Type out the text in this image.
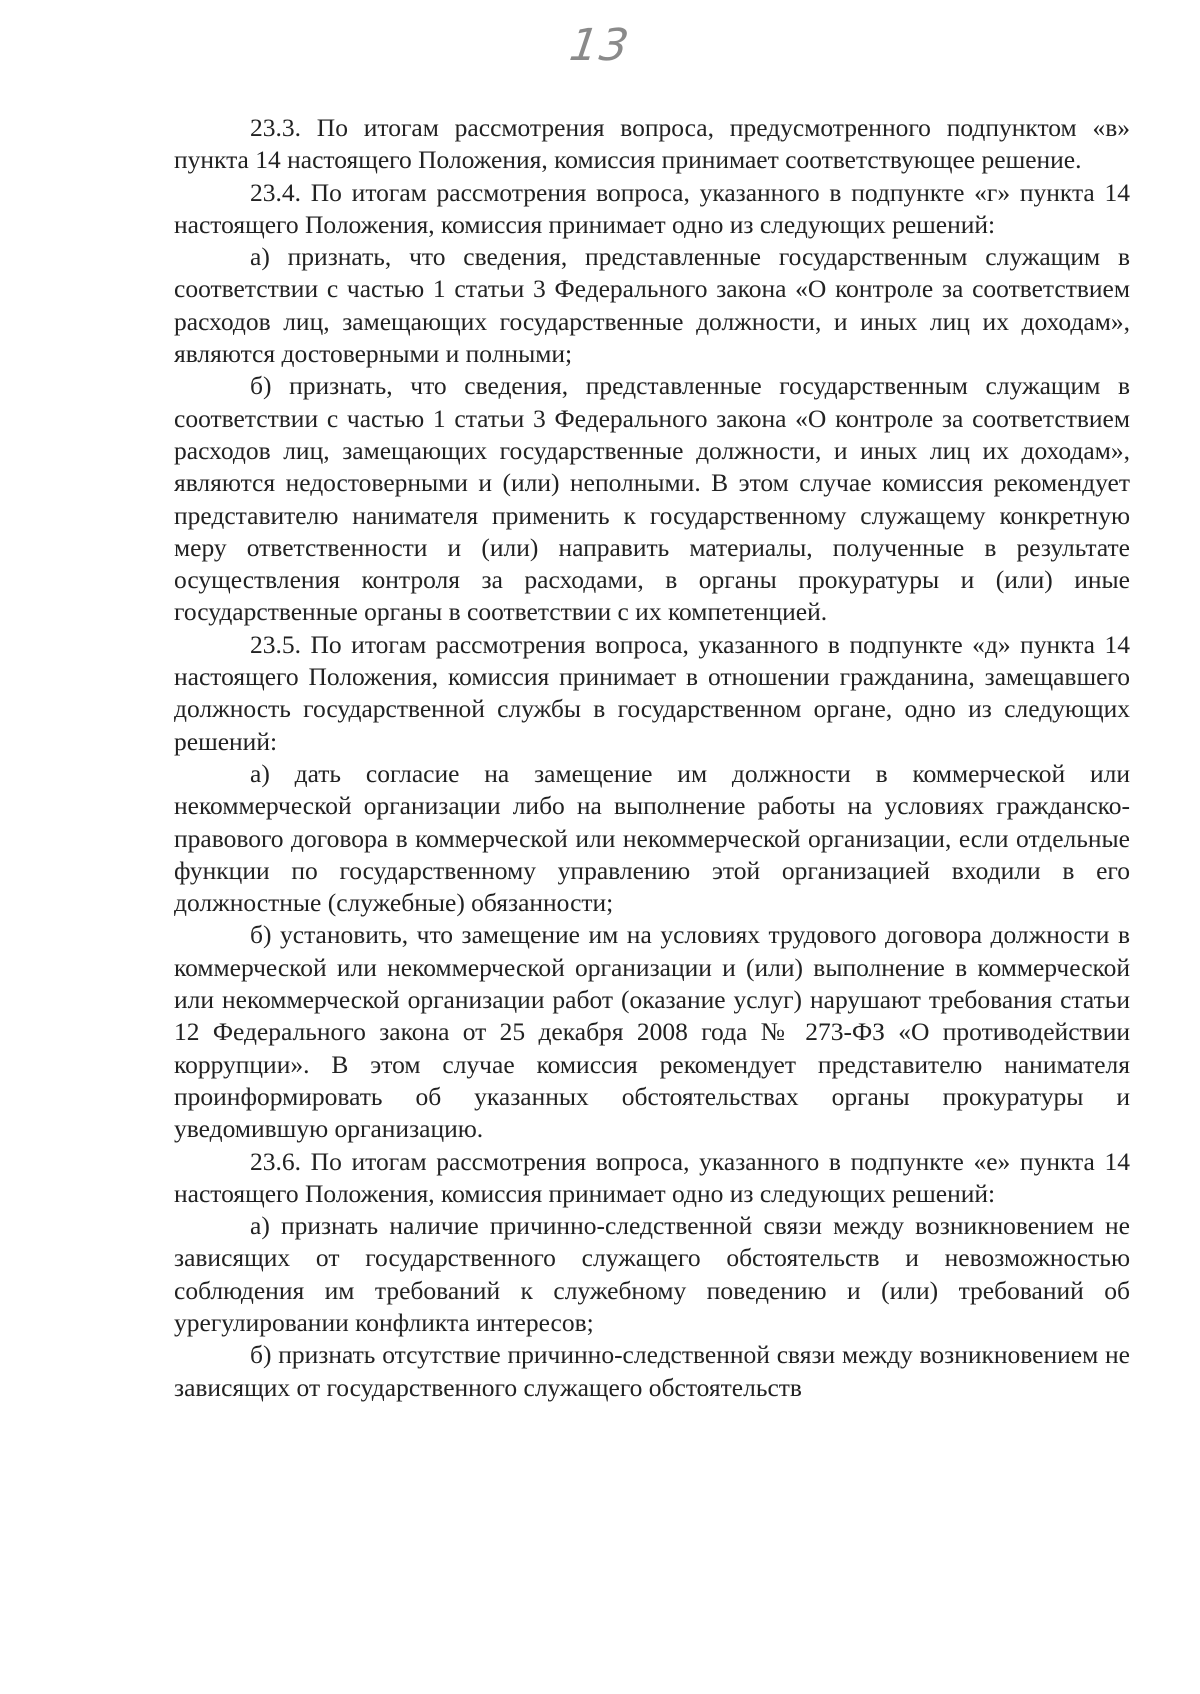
13

23.3. По итогам рассмотрения вопроса, предусмотренного подпунктом «в» пункта 14 настоящего Положения, комиссия принимает соответствующее решение.

23.4. По итогам рассмотрения вопроса, указанного в подпункте «г» пункта 14 настоящего Положения, комиссия принимает одно из следующих решений:

а) признать, что сведения, представленные государственным служащим в соответствии с частью 1 статьи 3 Федерального закона «О контроле за соответствием расходов лиц, замещающих государственные должности, и иных лиц их доходам», являются достоверными и полными;

б) признать, что сведения, представленные государственным служащим в соответствии с частью 1 статьи 3 Федерального закона «О контроле за соответствием расходов лиц, замещающих государственные должности, и иных лиц их доходам», являются недостоверными и (или) неполными. В этом случае комиссия рекомендует представителю нанимателя применить к государственному служащему конкретную меру ответственности и (или) направить материалы, полученные в результате осуществления контроля за расходами, в органы прокуратуры и (или) иные государственные органы в соответствии с их компетенцией.

23.5. По итогам рассмотрения вопроса, указанного в подпункте «д» пункта 14 настоящего Положения, комиссия принимает в отношении гражданина, замещавшего должность государственной службы в государственном органе, одно из следующих решений:

а) дать согласие на замещение им должности в коммерческой или некоммерческой организации либо на выполнение работы на условиях гражданско-правового договора в коммерческой или некоммерческой организации, если отдельные функции по государственному управлению этой организацией входили в его должностные (служебные) обязанности;

б) установить, что замещение им на условиях трудового договора должности в коммерческой или некоммерческой организации и (или) выполнение в коммерческой или некоммерческой организации работ (оказание услуг) нарушают требования статьи 12 Федерального закона от 25 декабря 2008 года № 273-ФЗ «О противодействии коррупции». В этом случае комиссия рекомендует представителю нанимателя проинформировать об указанных обстоятельствах органы прокуратуры и уведомившую организацию.

23.6. По итогам рассмотрения вопроса, указанного в подпункте «е» пункта 14 настоящего Положения, комиссия принимает одно из следующих решений:

а) признать наличие причинно-следственной связи между возникновением не зависящих от государственного служащего обстоятельств и невозможностью соблюдения им требований к служебному поведению и (или) требований об урегулировании конфликта интересов;

б) признать отсутствие причинно-следственной связи между возникновением не зависящих от государственного служащего обстоятельств
